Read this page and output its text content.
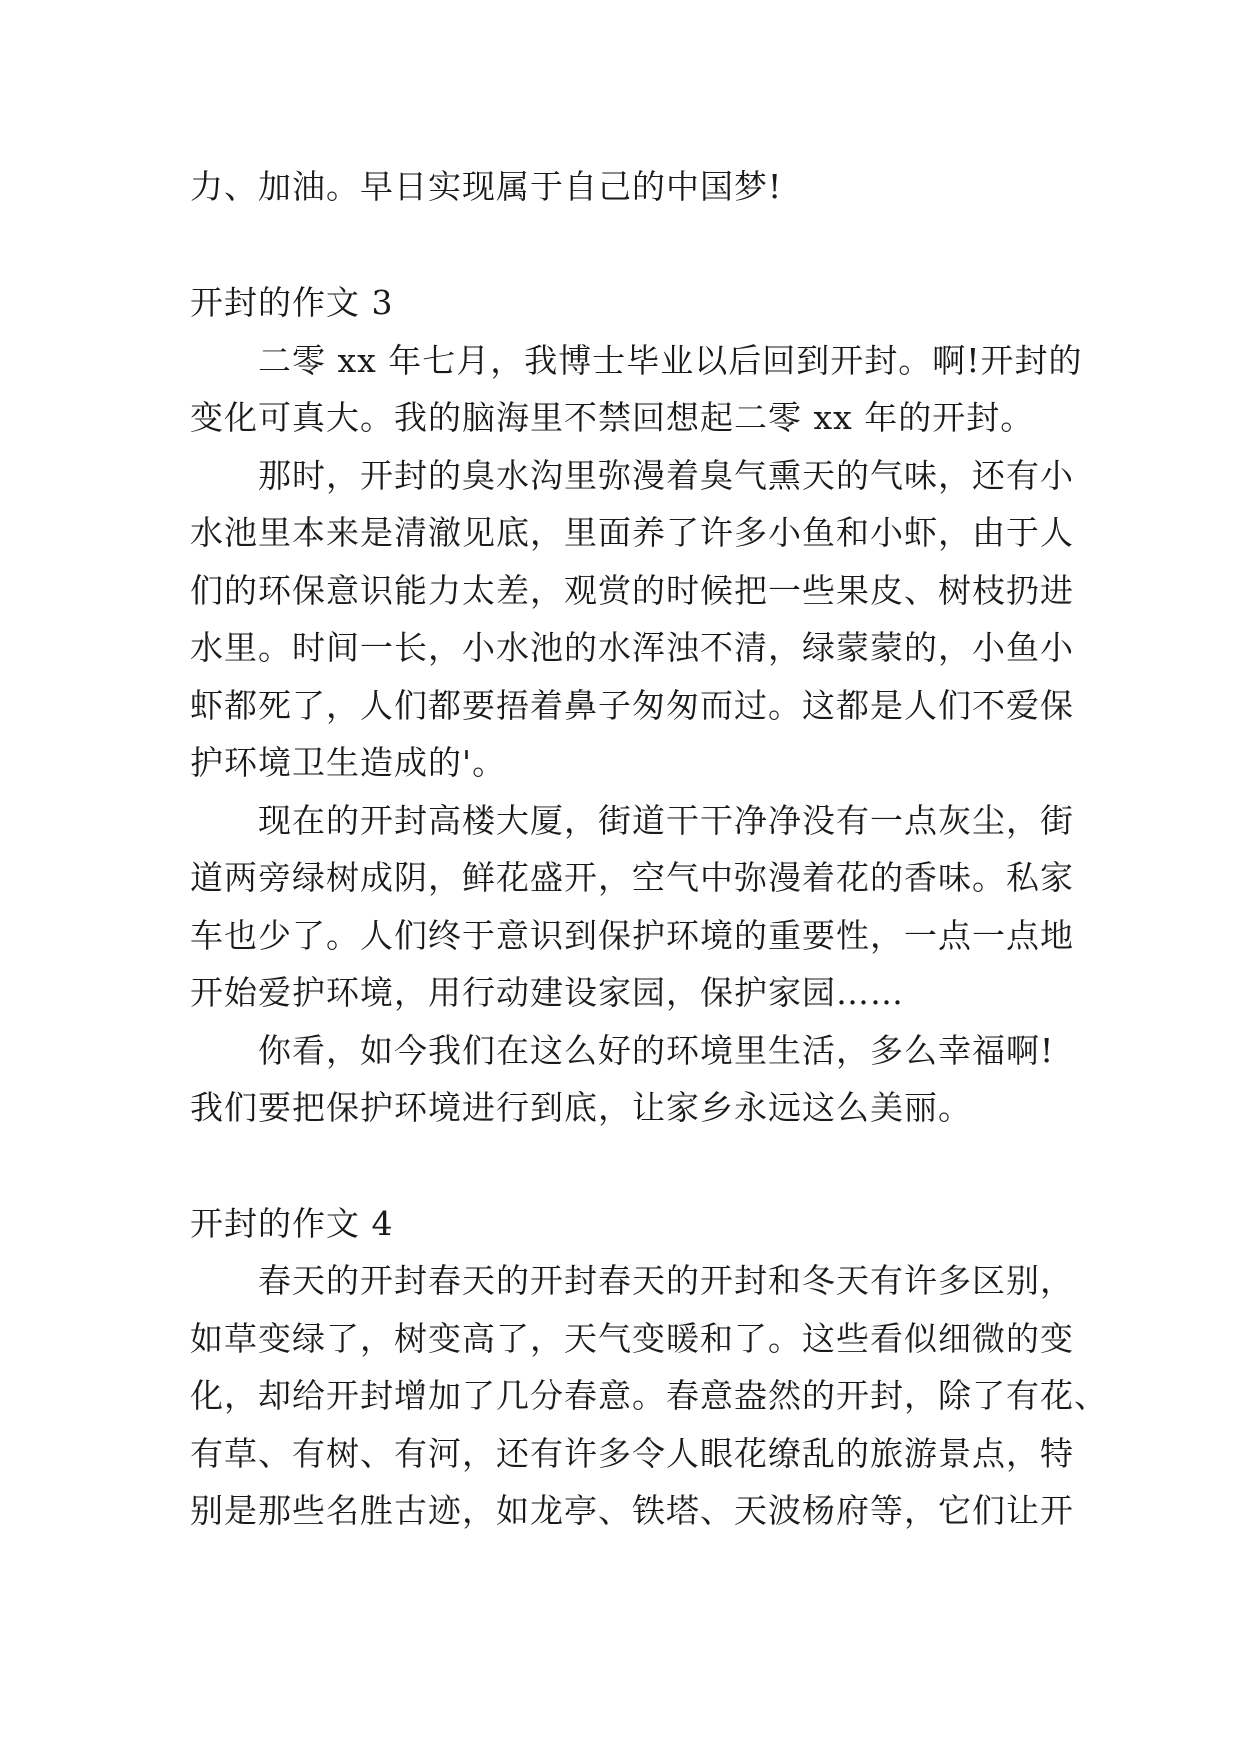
力、加油。早日实现属于自己的中国梦!
开封的作文 3
二零 xx 年七月，我博士毕业以后回到开封。啊!开封的
变化可真大。我的脑海里不禁回想起二零 xx 年的开封。
那时，开封的臭水沟里弥漫着臭气熏天的气味，还有小
水池里本来是清澈见底，里面养了许多小鱼和小虾，由于人
们的环保意识能力太差，观赏的时候把一些果皮、树枝扔进
水里。时间一长，小水池的水浑浊不清，绿蒙蒙的，小鱼小
虾都死了，人们都要捂着鼻子匆匆而过。这都是人们不爱保
护环境卫生造成的'。
现在的开封高楼大厦，街道干干净净没有一点灰尘，街
道两旁绿树成阴，鲜花盛开，空气中弥漫着花的香味。私家
车也少了。人们终于意识到保护环境的重要性，一点一点地
开始爱护环境，用行动建设家园，保护家园……
你看，如今我们在这么好的环境里生活，多么幸福啊!
我们要把保护环境进行到底，让家乡永远这么美丽。
开封的作文 4
春天的开封春天的开封春天的开封和冬天有许多区别，
如草变绿了，树变高了，天气变暖和了。这些看似细微的变
化，却给开封增加了几分春意。春意盎然的开封，除了有花、
有草、有树、有河，还有许多令人眼花缭乱的旅游景点，特
别是那些名胜古迹，如龙亭、铁塔、天波杨府等，它们让开
